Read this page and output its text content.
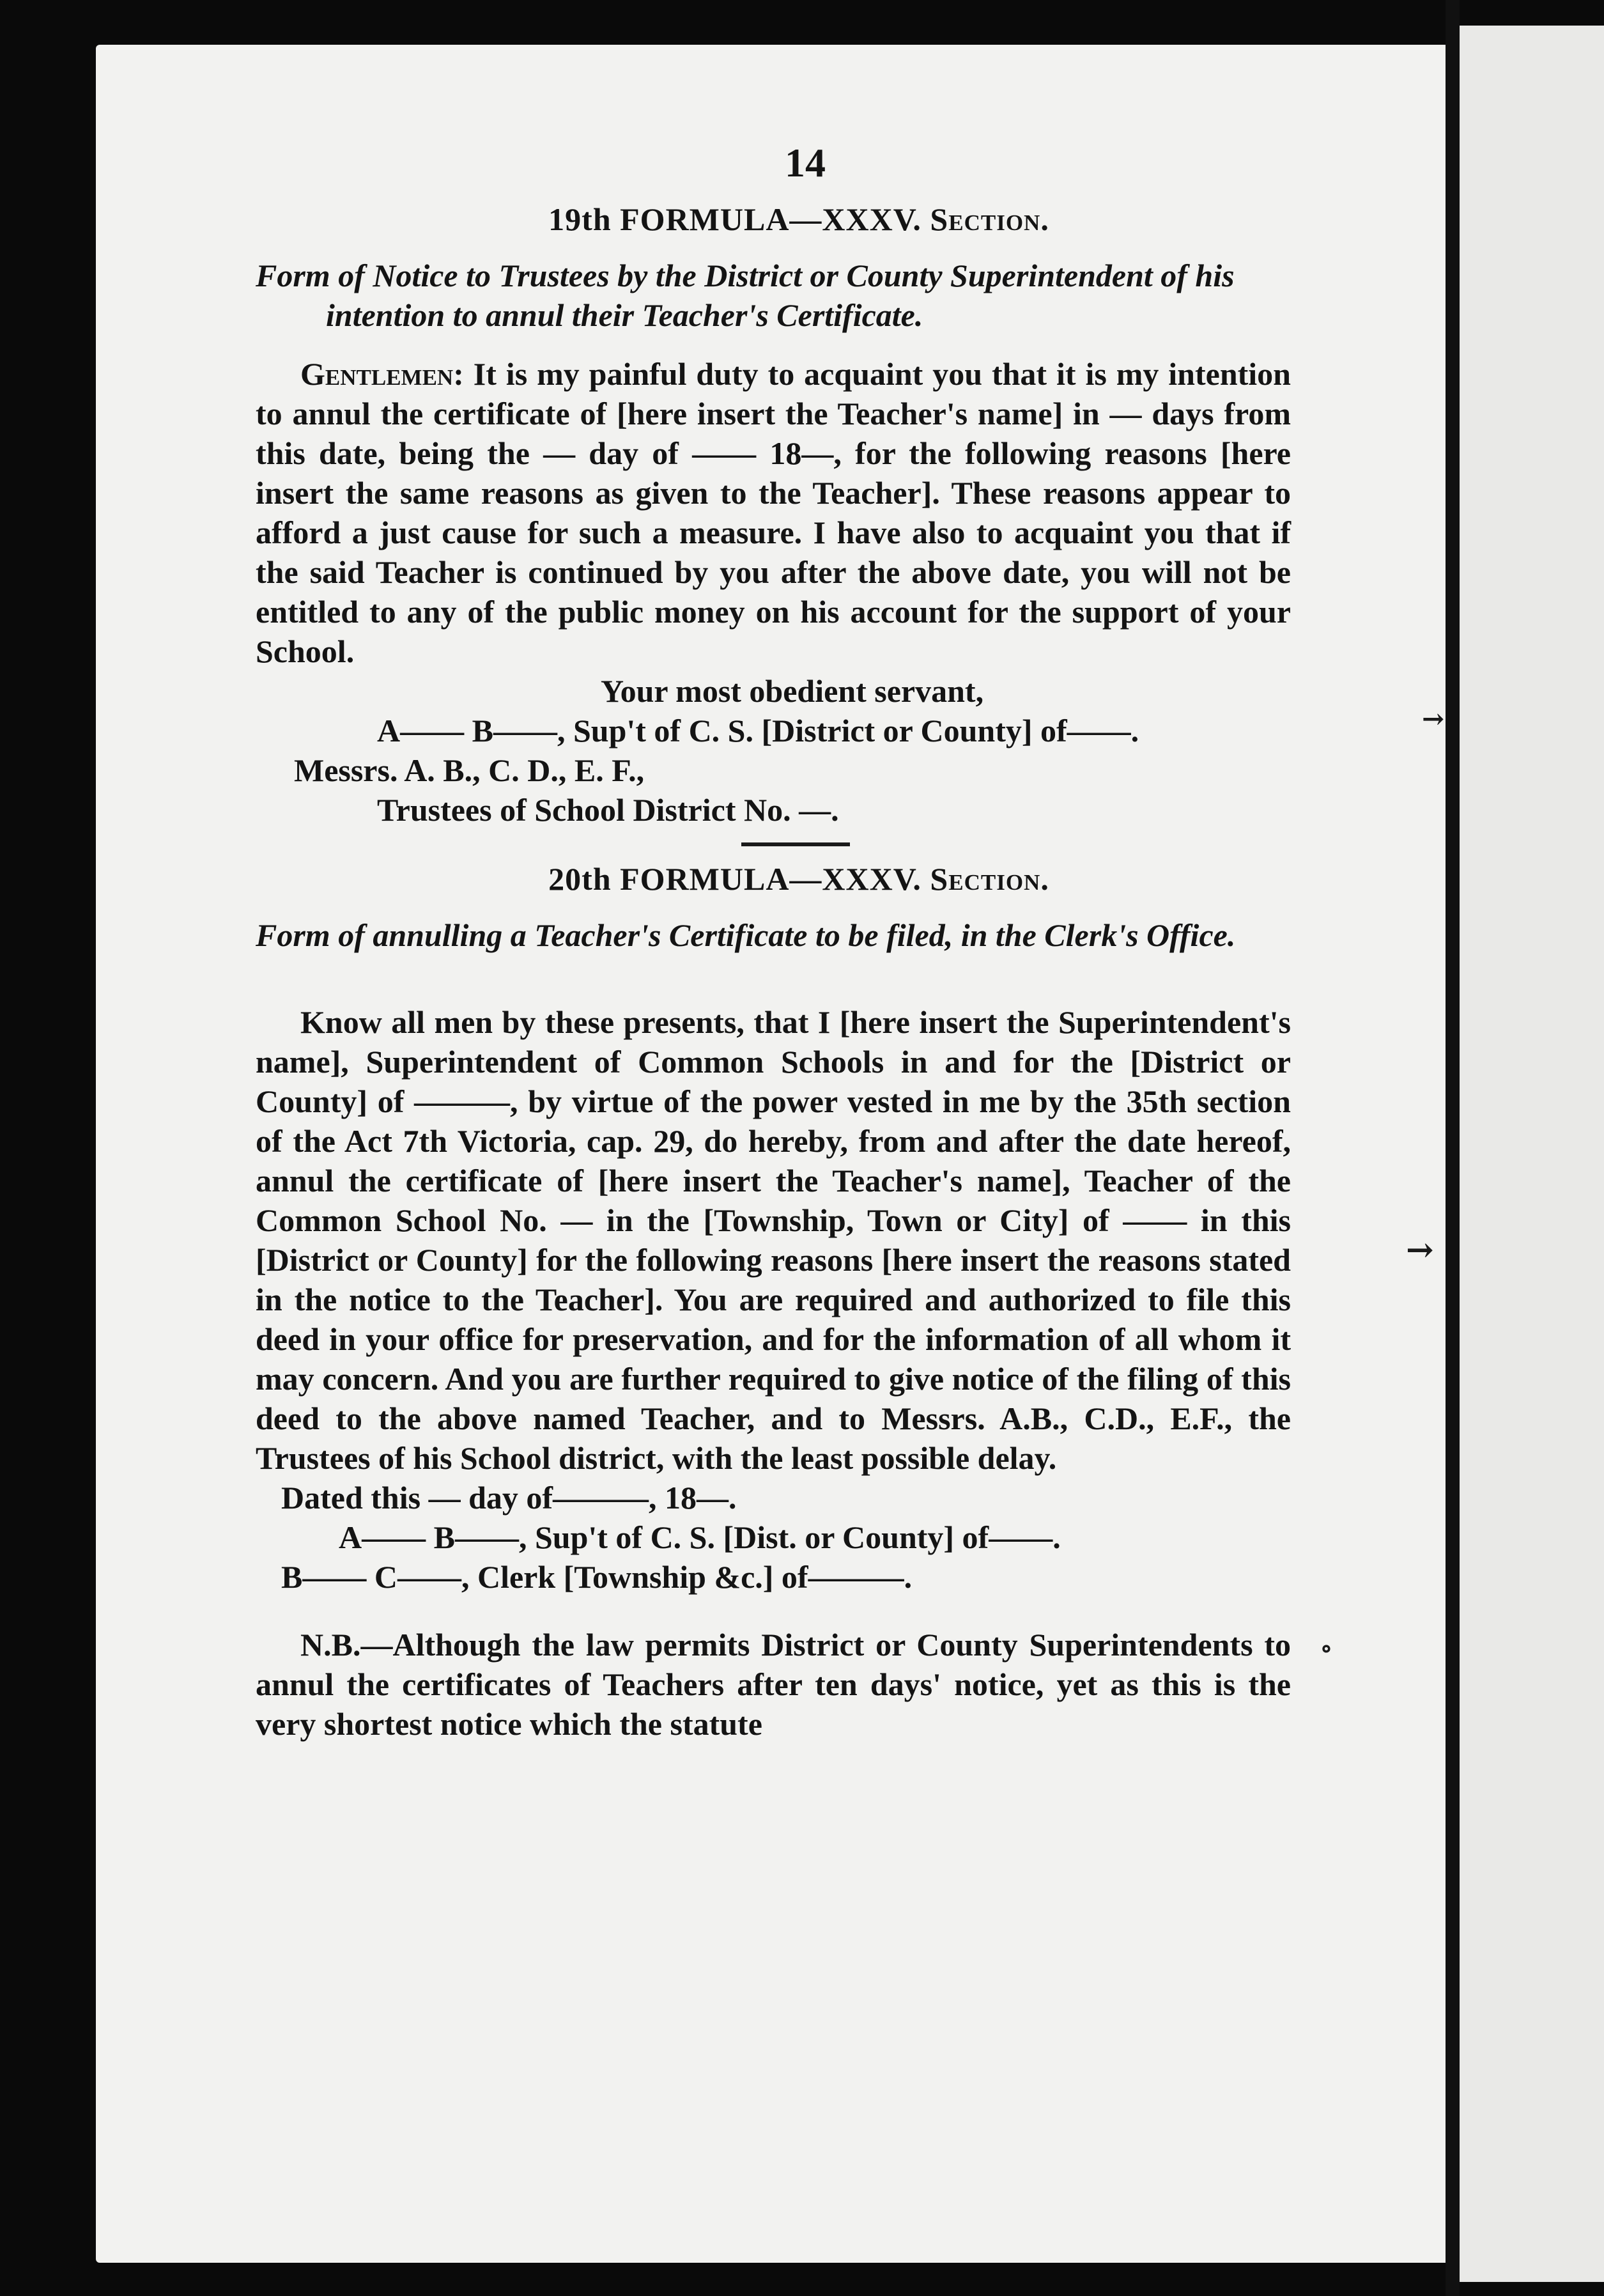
→
→
∘
14
19th FORMULA—XXXV. Section.
Form of Notice to Trustees by the District or County Superintendent of his intention to annul their Teacher's Certificate.

Gentlemen: It is my painful duty to acquaint you that it is my intention to annul the certificate of [here insert the Teacher's name] in — days from this date, being the — day of —— 18—, for the following reasons [here insert the same reasons as given to the Teacher]. These reasons appear to afford a just cause for such a measure. I have also to acquaint you that if the said Teacher is continued by you after the above date, you will not be entitled to any of the public money on his account for the support of your School.

Your most obedient servant,

A—— B——, Sup't of C. S. [District or County] of——.

Messrs. A. B., C. D., E. F.,

Trustees of School District No. —.

20th FORMULA—XXXV. Section.
Form of annulling a Teacher's Certificate to be filed, in the Clerk's Office.

Know all men by these presents, that I [here insert the Superintendent's name], Superintendent of Common Schools in and for the [District or County] of ———, by virtue of the power vested in me by the 35th section of the Act 7th Victoria, cap. 29, do hereby, from and after the date hereof, annul the certificate of [here insert the Teacher's name], Teacher of the Common School No. — in the [Township, Town or City] of —— in this [District or County] for the following reasons [here insert the reasons stated in the notice to the Teacher]. You are required and authorized to file this deed in your office for preservation, and for the information of all whom it may concern. And you are further required to give notice of the filing of this deed to the above named Teacher, and to Messrs. A.B., C.D., E.F., the Trustees of his School district, with the least possible delay.

Dated this — day of———, 18—.

A—— B——, Sup't of C. S. [Dist. or County] of——.

B—— C——, Clerk [Township &c.] of———.

N.B.—Although the law permits District or County Superintendents to annul the certificates of Teachers after ten days' notice, yet as this is the very shortest notice which the statute
